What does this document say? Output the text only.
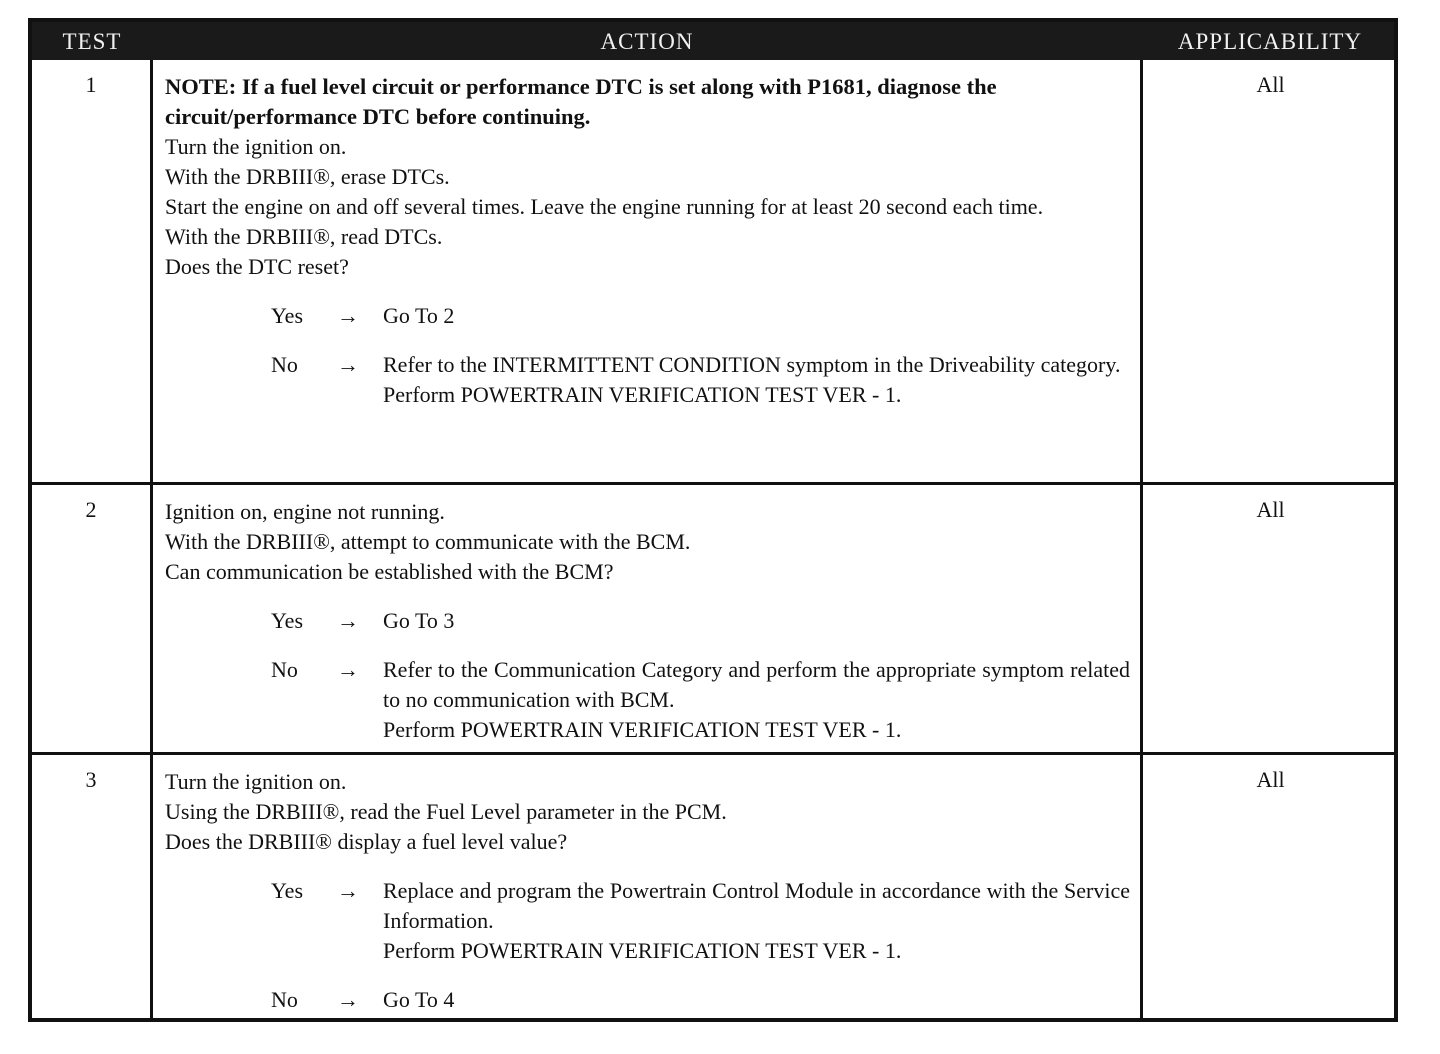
TEST	ACTION	APPLICABILITY
1	NOTE: If a fuel level circuit or performance DTC is set along with P1681, diagnose the circuit/performance DTC before continuing.
Turn the ignition on.
With the DRBIII®, erase DTCs.
Start the engine on and off several times. Leave the engine running for at least 20 second each time.
With the DRBIII®, read DTCs.
Does the DTC reset?
Yes	→ Go To 2
No	→ Refer to the INTERMITTENT CONDITION symptom in the Driveability category.
Perform POWERTRAIN VERIFICATION TEST VER - 1.
All
2	Ignition on, engine not running.
With the DRBIII®, attempt to communicate with the BCM.
Can communication be established with the BCM?
Yes	→ Go To 3
No	→ Refer to the Communication Category and perform the appropriate symptom related to no communication with BCM.
Perform POWERTRAIN VERIFICATION TEST VER - 1.
All
3	Turn the ignition on.
Using the DRBIII®, read the Fuel Level parameter in the PCM.
Does the DRBIII® display a fuel level value?
Yes	→ Replace and program the Powertrain Control Module in accordance with the Service Information.
Perform POWERTRAIN VERIFICATION TEST VER - 1.
No	→ Go To 4
All
